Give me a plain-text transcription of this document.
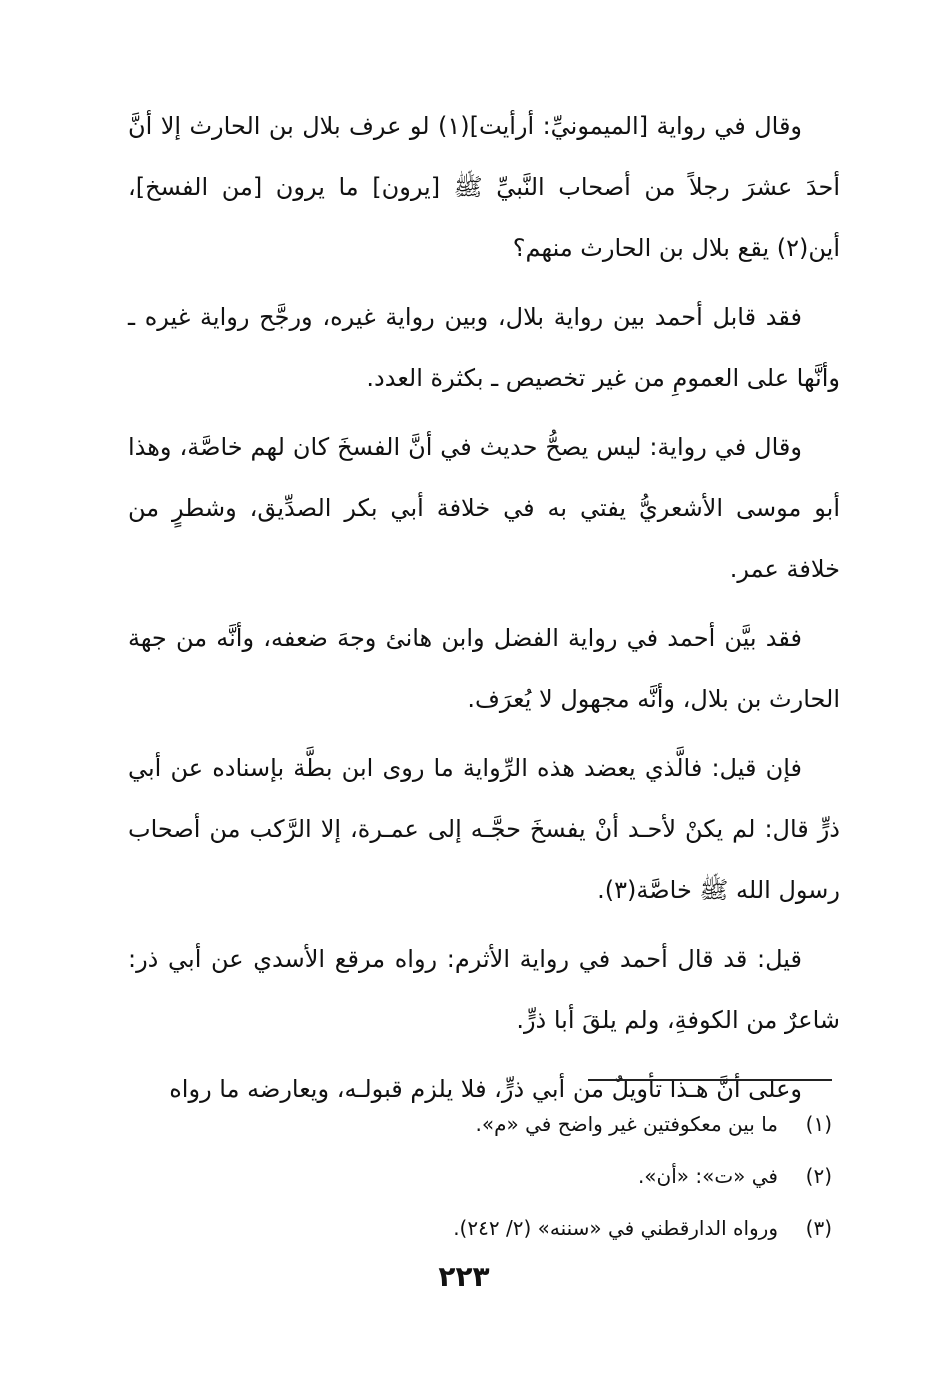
وقال في رواية [الميمونيِّ: أرأيت](١) لو عرف بلال بن الحارث إلا أنَّ أحدَ عشرَ رجلاً من أصحاب النَّبيِّ ﷺ [يرون] ما يرون [من الفسخ]، أين(٢) يقع بلال بن الحارث منهم؟

فقد قابل أحمد بين رواية بلال، وبين رواية غيره، ورجَّح رواية غيره ـ وأنَّها على العمومِ من غير تخصيص ـ بكثرة العدد.

وقال في رواية: ليس يصحُّ حديث في أنَّ الفسخَ كان لهم خاصَّة، وهذا أبو موسى الأشعريُّ يفتي به في خلافة أبي بكر الصدِّيق، وشطرٍ من خلافة عمر.

فقد بيَّن أحمد في رواية الفضل وابن هانئ وجهَ ضعفه، وأنَّه من جهة الحارث بن بلال، وأنَّه مجهول لا يُعرَف.

فإن قيل: فالَّذي يعضد هذه الرِّواية ما روى ابن بطَّة بإسناده عن أبي ذرٍّ قال: لم يكنْ لأحـد أنْ يفسخَ حجَّـه إلى عمـرة، إلا الرَّكب من أصحاب رسول الله ﷺ خاصَّة(٣).

قيل: قد قال أحمد في رواية الأثرم: رواه مرقع الأسدي عن أبي ذر: شاعرٌ من الكوفةِ، ولم يلقَ أبا ذرٍّ.

وعلى أنَّ هـذا تأويلٌ من أبي ذرٍّ، فلا يلزم قبولـه، ويعارضه ما رواه

(١)ما بين معكوفتين غير واضح في «م».
(٢)في «ت»: «أن».
(٣)ورواه الدارقطني في «سننه» (٢/ ٢٤٢).
٢٢٣
